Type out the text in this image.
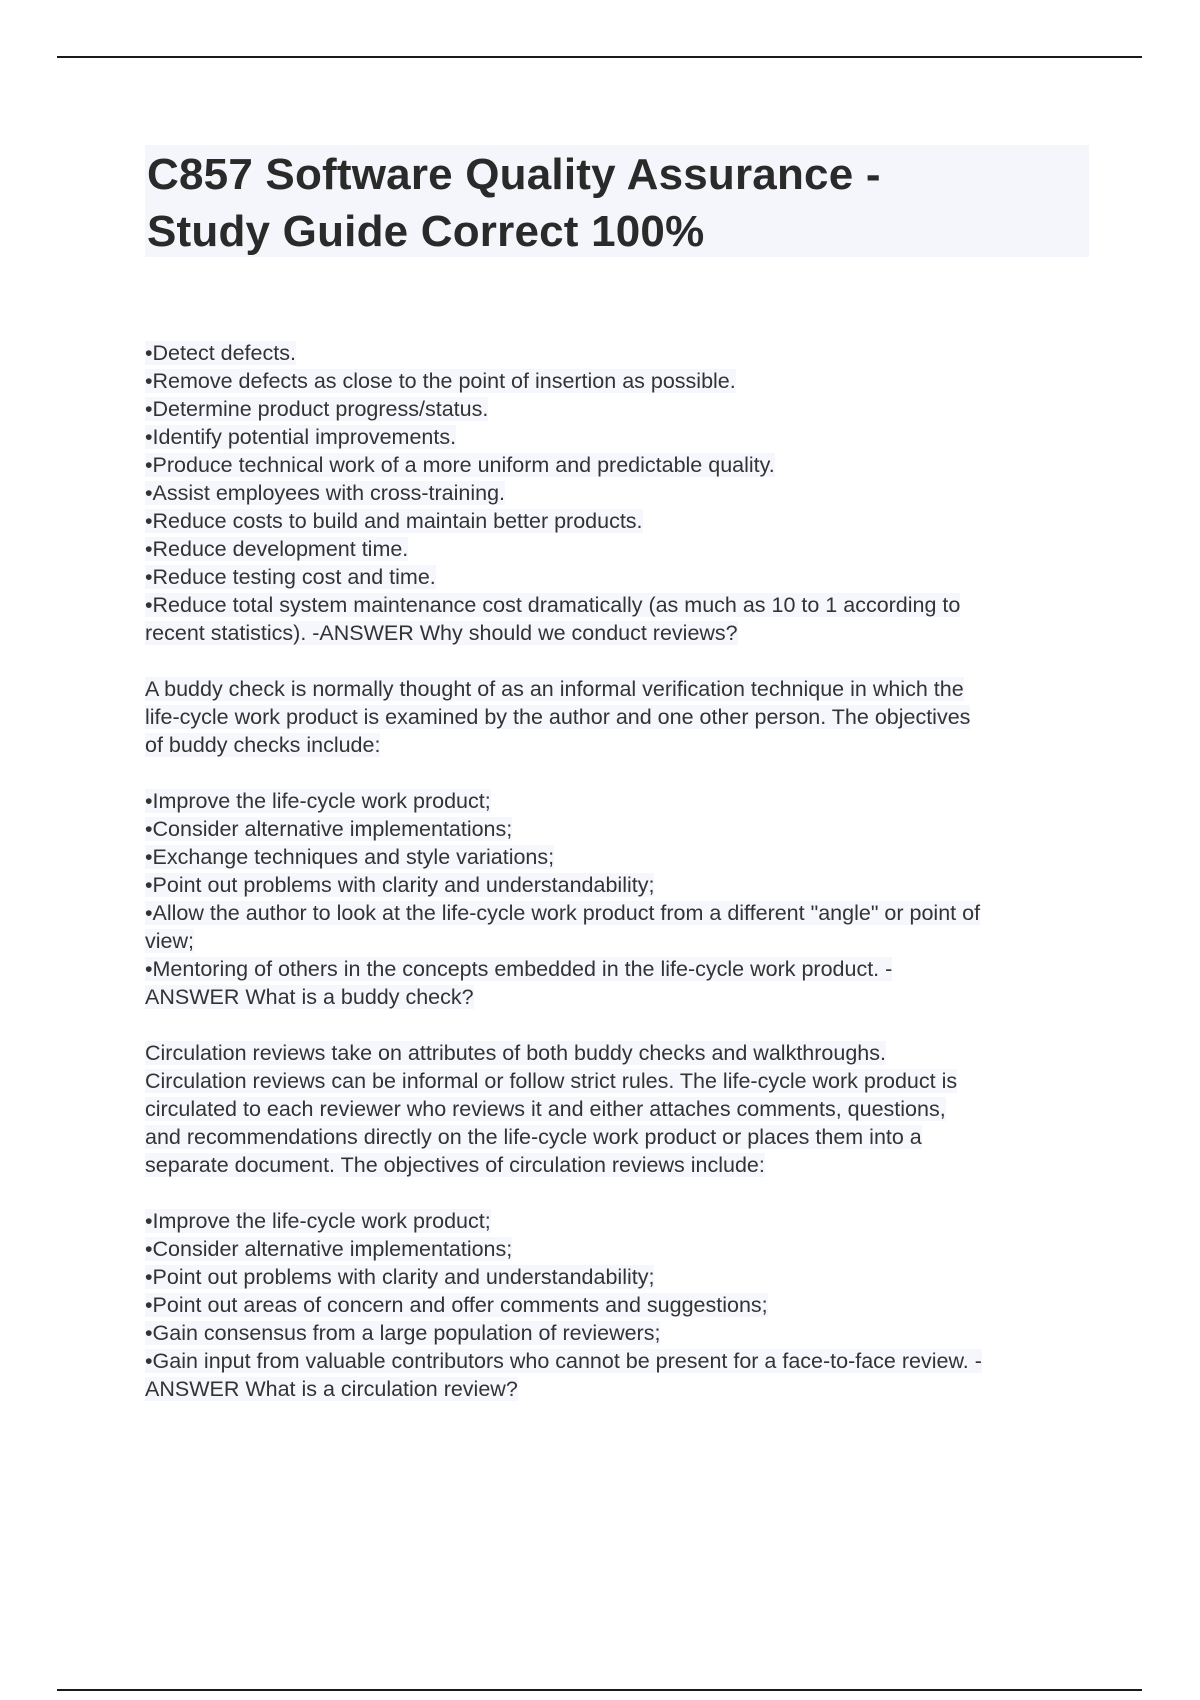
C857 Software Quality Assurance -
Study Guide Correct 100%
•Detect defects.
•Remove defects as close to the point of insertion as possible.
•Determine product progress/status.
•Identify potential improvements.
•Produce technical work of a more uniform and predictable quality.
•Assist employees with cross-training.
•Reduce costs to build and maintain better products.
•Reduce development time.
•Reduce testing cost and time.
•Reduce total system maintenance cost dramatically (as much as 10 to 1 according to
recent statistics). -ANSWER Why should we conduct reviews?
A buddy check is normally thought of as an informal verification technique in which the
life-cycle work product is examined by the author and one other person. The objectives
of buddy checks include:
•Improve the life-cycle work product;
•Consider alternative implementations;
•Exchange techniques and style variations;
•Point out problems with clarity and understandability;
•Allow the author to look at the life-cycle work product from a different "angle" or point of
view;
•Mentoring of others in the concepts embedded in the life-cycle work product. -
ANSWER What is a buddy check?
Circulation reviews take on attributes of both buddy checks and walkthroughs.
Circulation reviews can be informal or follow strict rules. The life-cycle work product is
circulated to each reviewer who reviews it and either attaches comments, questions,
and recommendations directly on the life-cycle work product or places them into a
separate document. The objectives of circulation reviews include:
•Improve the life-cycle work product;
•Consider alternative implementations;
•Point out problems with clarity and understandability;
•Point out areas of concern and offer comments and suggestions;
•Gain consensus from a large population of reviewers;
•Gain input from valuable contributors who cannot be present for a face-to-face review. -
ANSWER What is a circulation review?
